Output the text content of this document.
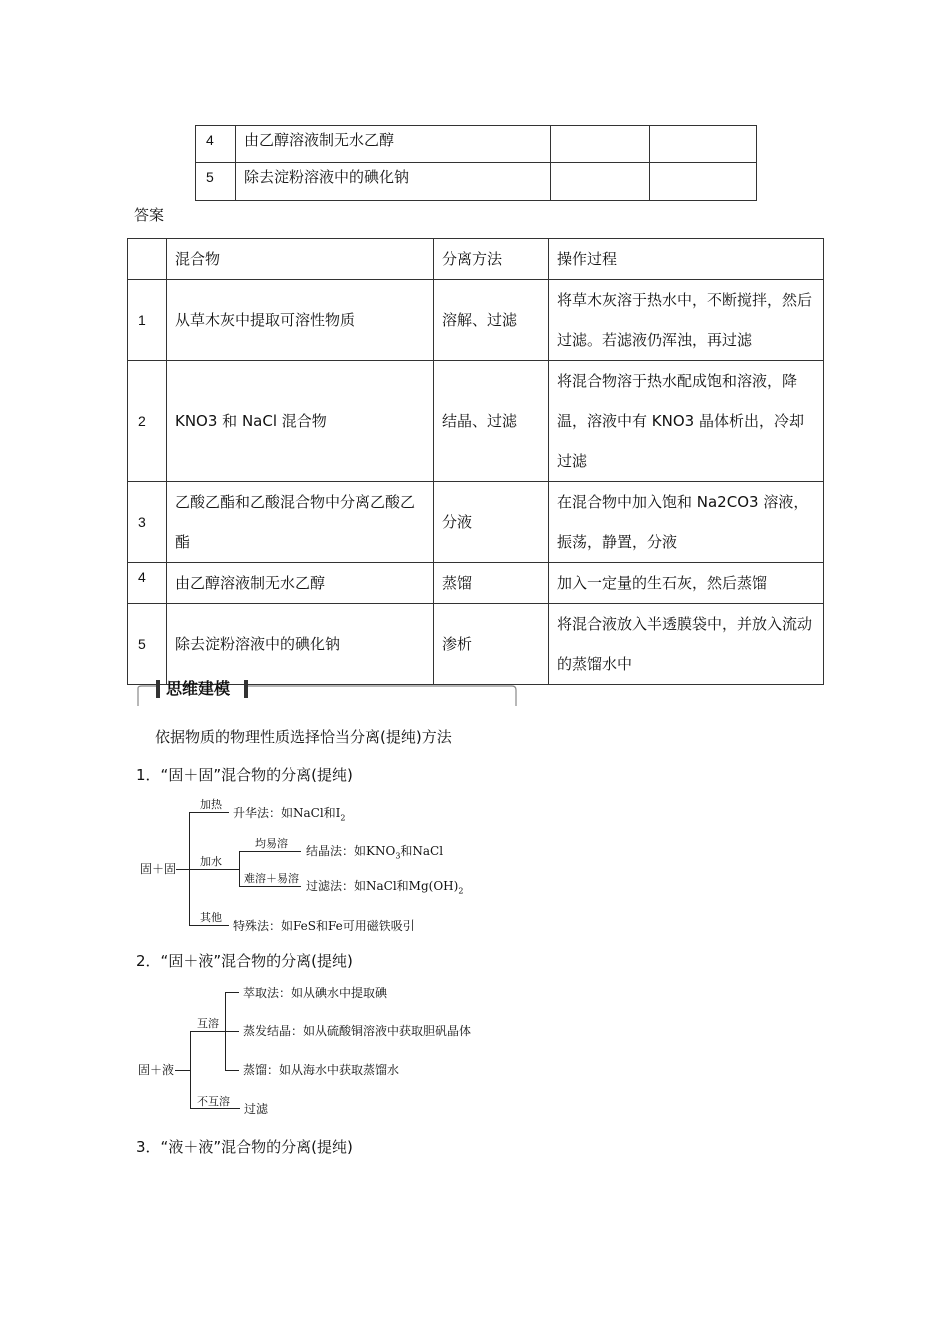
4	由乙醇溶液制无水乙醇		
5	除去淀粉溶液中的碘化钠		
答案
	混合物	分离方法	操作过程
1	从草木灰中提取可溶性物质	溶解、过滤	将草木灰溶于热水中，不断搅拌，然后过滤。若滤液仍浑浊，再过滤
2	KNO3 和 NaCl 混合物	结晶、过滤	将混合物溶于热水配成饱和溶液，降温，溶液中有 KNO3 晶体析出，冷却过滤
3	乙酸乙酯和乙酸混合物中分离乙酸乙酯	分液	在混合物中加入饱和 Na2CO3 溶液，振荡，静置，分液
4	由乙醇溶液制无水乙醇	蒸馏	加入一定量的生石灰，然后蒸馏
5	除去淀粉溶液中的碘化钠	渗析	将混合液放入半透膜袋中，并放入流动的蒸馏水中
思维建模
依据物质的物理性质选择恰当分离(提纯)方法
1．“固＋固”混合物的分离(提纯)
固＋固
加热
升华法：如NaCl和$I_2$
加水
均易溶
结晶法：如$KNO_3$和NaCl
难溶＋易溶
过滤法：如NaCl和$Mg(OH)_2$
其他
特殊法：如FeS和Fe可用磁铁吸引
2．“固＋液”混合物的分离(提纯)
固＋液
互溶
萃取法：如从碘水中提取碘
蒸发结晶：如从硫酸铜溶液中获取胆矾晶体
蒸馏：如从海水中获取蒸馏水
不互溶
过滤
3．“液＋液”混合物的分离(提纯)
